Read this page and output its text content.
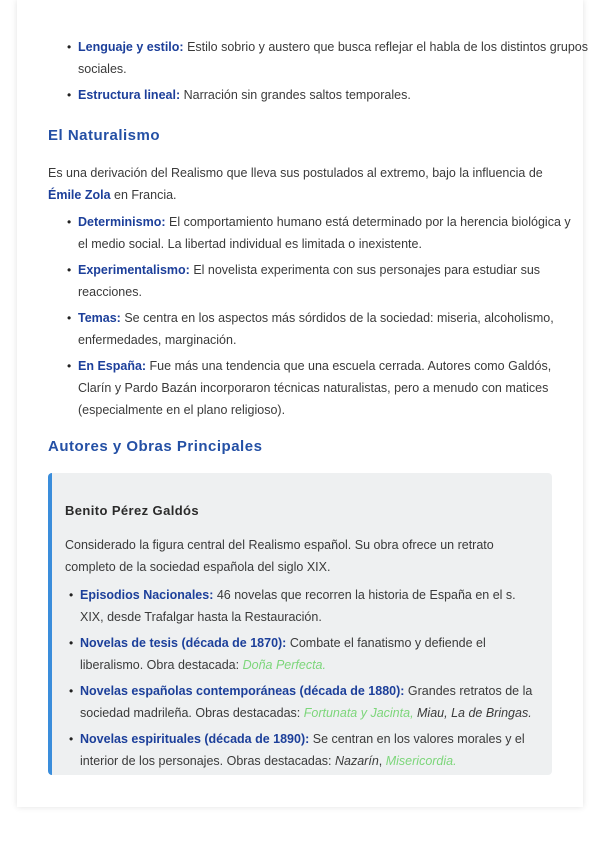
• Lenguaje y estilo: Estilo sobrio y austero que busca reflejar el habla de los distintos grupos sociales.
• Estructura lineal: Narración sin grandes saltos temporales.
El Naturalismo

Es una derivación del Realismo que lleva sus postulados al extremo, bajo la influencia de Émile Zola en Francia.

• Determinismo: El comportamiento humano está determinado por la herencia biológica y el medio social. La libertad individual es limitada o inexistente.
• Experimentalismo: El novelista experimenta con sus personajes para estudiar sus reacciones.
• Temas: Se centra en los aspectos más sórdidos de la sociedad: miseria, alcoholismo, enfermedades, marginación.
• En España: Fue más una tendencia que una escuela cerrada. Autores como Galdós, Clarín y Pardo Bazán incorporaron técnicas naturalistas, pero a menudo con matices (especialmente en el plano religioso).
Autores y Obras Principales
Benito Pérez Galdós

Considerado la figura central del Realismo español. Su obra ofrece un retrato completo de la sociedad española del siglo XIX.

• Episodios Nacionales: 46 novelas que recorren la historia de España en el s. XIX, desde Trafalgar hasta la Restauración.
• Novelas de tesis (década de 1870): Combate el fanatismo y defiende el liberalismo. Obra destacada: Doña Perfecta.
• Novelas españolas contemporáneas (década de 1880): Grandes retratos de la sociedad madrileña. Obras destacadas: Fortunata y Jacinta, Miau, La de Bringas.
• Novelas espirituales (década de 1890): Se centran en los valores morales y el interior de los personajes. Obras destacadas: Nazarín, Misericordia.
